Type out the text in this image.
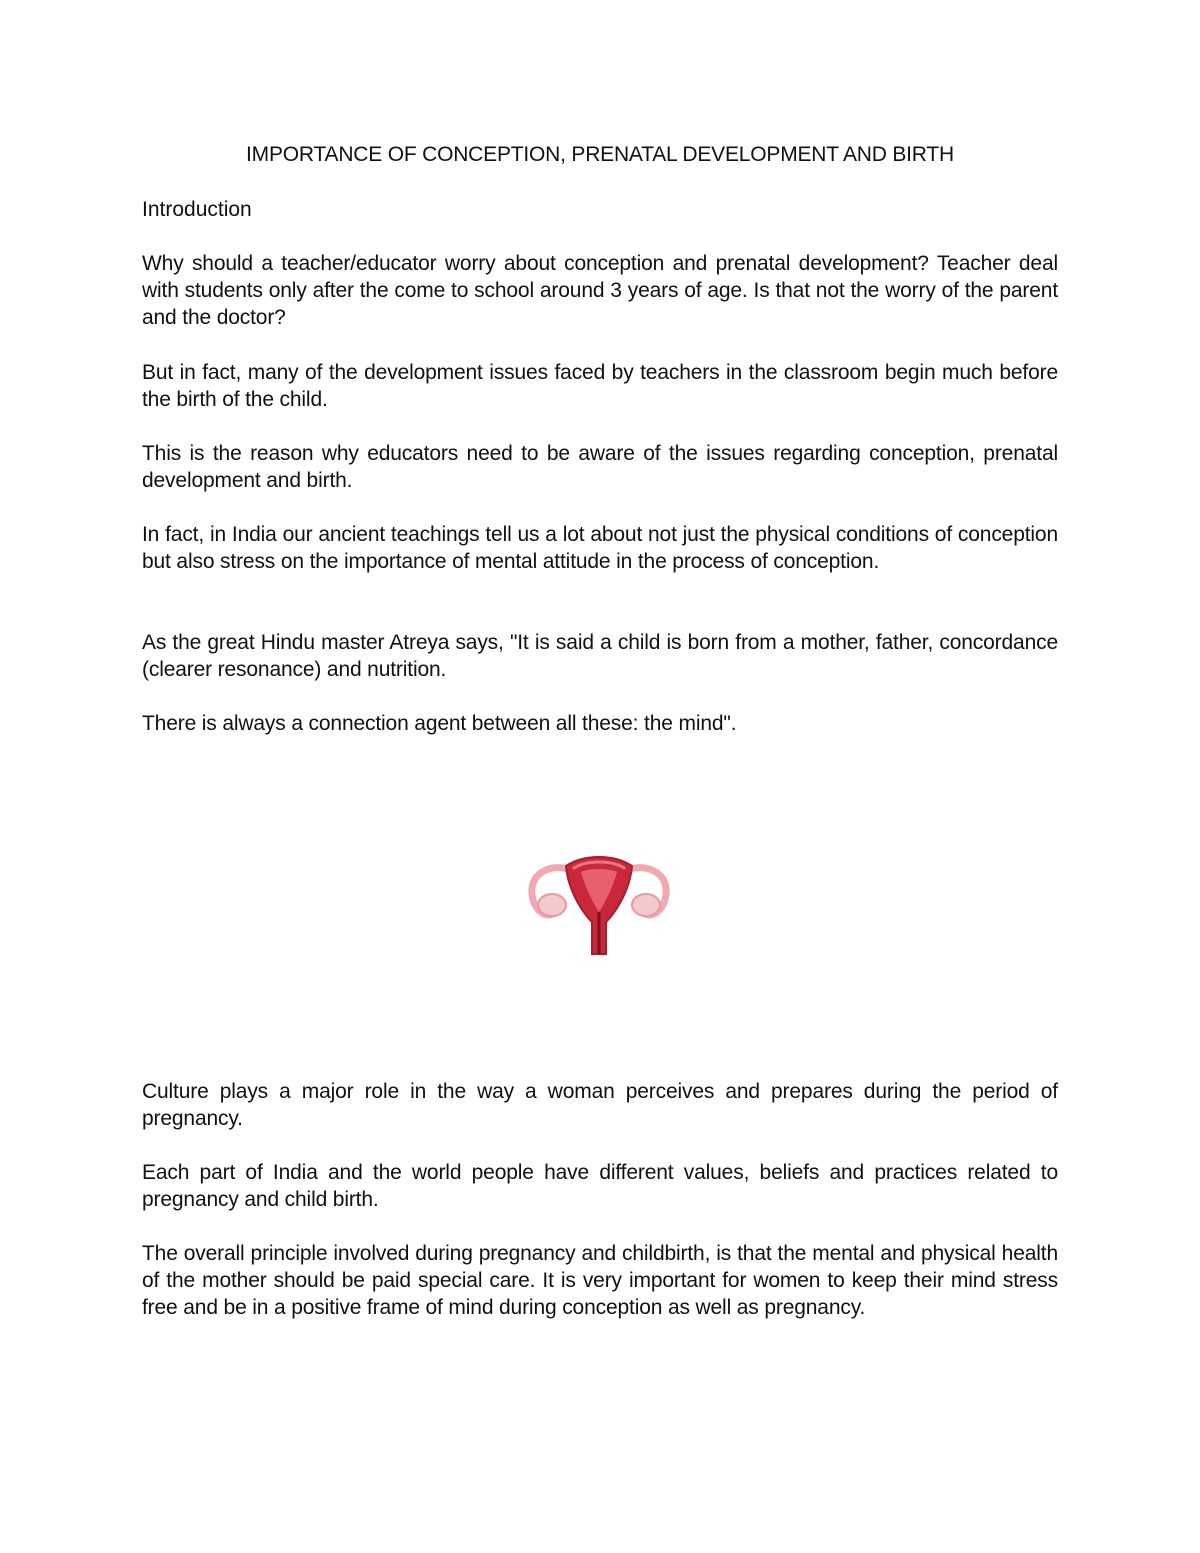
IMPORTANCE OF CONCEPTION, PRENATAL DEVELOPMENT AND BIRTH
Introduction

Why should a teacher/educator worry about conception and prenatal development? Teacher deal with students only after the come to school around 3 years of age. Is that not the worry of the parent and the doctor?

But in fact, many of the development issues faced by teachers in the classroom begin much before the birth of the child.

This is the reason why educators need to be aware of the issues regarding conception, prenatal development and birth.

In fact, in India our ancient teachings tell us a lot about not just the physical conditions of conception but also stress on the importance of mental attitude in the process of conception.

As the great Hindu master Atreya says, "It is said a child is born from a mother, father, concordance (clearer resonance) and nutrition.

There is always a connection agent between all these: the mind".

Culture plays a major role in the way a woman perceives and prepares during the period of pregnancy.

Each part of India and the world people have different values, beliefs and practices related to pregnancy and child birth.

The overall principle involved during pregnancy and childbirth, is that the mental and physical health of the mother should be paid special care. It is very important for women to keep their mind stress free and be in a positive frame of mind during conception as well as pregnancy.
